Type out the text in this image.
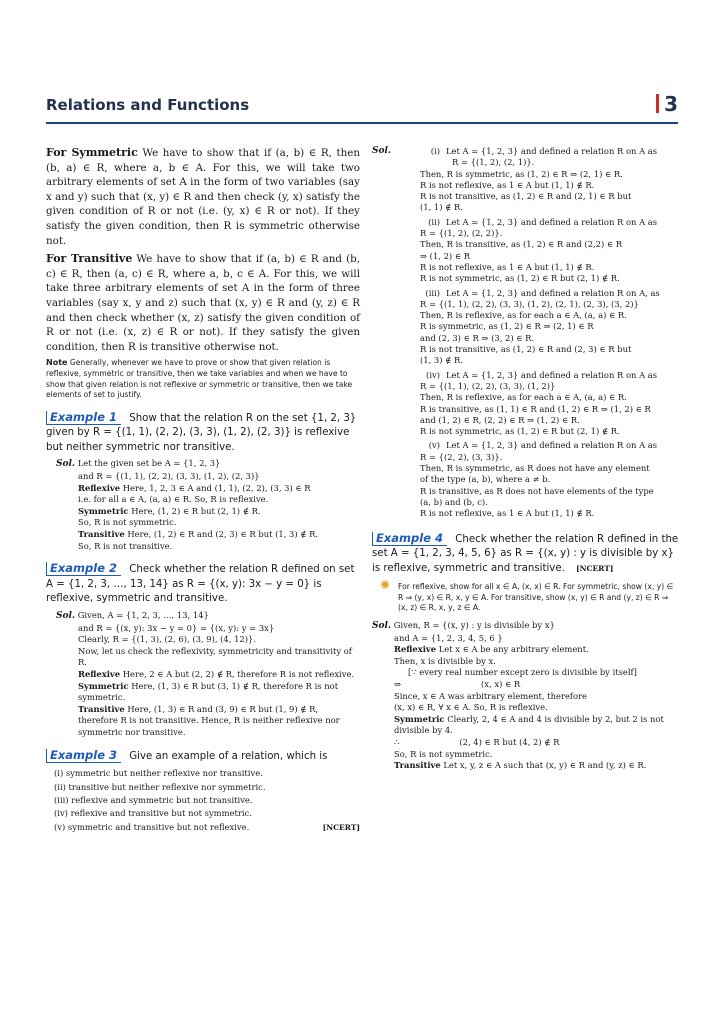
Relations and Functions	3

For Symmetric We have to show that if (a, b) ∈ R, then (b, a) ∈ R, where a, b ∈ A. For this, we will take two arbitrary elements of set A in the form of two variables (say x and y) such that (x, y) ∈ R and then check (y, x) satisfy the given condition of R or not (i.e. (y, x) ∈ R or not). If they satisfy the given condition, then R is symmetric otherwise not.

For Transitive We have to show that if (a, b) ∈ R and (b, c) ∈ R, then (a, c) ∈ R, where a, b, c ∈ A. For this, we will take three arbitrary elements of set A in the form of three variables (say x, y and z) such that (x, y) ∈ R and (y, z) ∈ R and then check whether (x, z) satisfy the given condition of R or not (i.e. (x, z) ∈ R or not). If they satisfy the given condition, then R is transitive otherwise not.

Note Generally, whenever we have to prove or show that given relation is reflexive, symmetric or transitive, then we take variables and when we have to show that given relation is not reflexive or symmetric or transitive, then we take elements of set to justify.

Example 1 Show that the relation R on the set {1, 2, 3} given by R = {(1, 1), (2, 2), (3, 3), (1, 2), (2, 3)} is reflexive but neither symmetric nor transitive.

Sol. Let the given set be A = {1, 2, 3}

and R = {(1, 1), (2, 2), (3, 3), (1, 2), (2, 3)}

Reflexive Here, 1, 2, 3 ∈ A and (1, 1), (2, 2), (3, 3) ∈ R

i.e. for all a ∈ A, (a, a) ∈ R. So, R is reflexive.

Symmetric Here, (1, 2) ∈ R but (2, 1) ∉ R.

So, R is not symmetric.

Transitive Here, (1, 2) ∈ R and (2, 3) ∈ R but (1, 3) ∉ R.

So, R is not transitive.

Example 2 Check whether the relation R defined on set A = {1, 2, 3, …, 13, 14} as R = {(x, y): 3x − y = 0} is reflexive, symmetric and transitive.

Sol. Given, A = {1, 2, 3, …, 13, 14}

and R = {(x, y): 3x − y = 0} = {(x, y): y = 3x}

Clearly, R = {(1, 3), (2, 6), (3, 9), (4, 12)}.

Now, let us check the reflexivity, symmetricity and transitivity of R.

Reflexive Here, 2 ∈ A but (2, 2) ∉ R, therefore R is not reflexive.

Symmetric Here, (1, 3) ∈ R but (3, 1) ∉ R, therefore R is not symmetric.

Transitive Here, (1, 3) ∈ R and (3, 9) ∈ R but (1, 9) ∉ R, therefore R is not transitive. Hence, R is neither reflexive nor symmetric nor transitive.

Example 3 Give an example of a relation, which is

(i) symmetric but neither reflexive nor transitive.

(ii) transitive but neither reflexive nor symmetric.

(iii) reflexive and symmetric but not transitive.

(iv) reflexive and transitive but not symmetric.

(v) symmetric and transitive but not reflexive.	[NCERT]

Sol.	(i) Let A = {1, 2, 3} and defined a relation R on A as

R = {(1, 2), (2, 1)}.

Then, R is symmetric, as (1, 2) ∈ R ⇒ (2, 1) ∈ R.

R is not reflexive, as 1 ∈ A but (1, 1) ∉ R.

R is not transitive, as (1, 2) ∈ R and (2, 1) ∈ R but

(1, 1) ∉ R.

(ii) Let A = {1, 2, 3} and defined a relation R on A as

R = {(1, 2), (2, 2)}.

Then, R is transitive, as (1, 2) ∈ R and (2,2) ∈ R

⇒ (1, 2) ∈ R

R is not reflexive, as 1 ∈ A but (1, 1) ∉ R.

R is not symmetric, as (1, 2) ∈ R but (2, 1) ∉ R.

(iii) Let A = {1, 2, 3} and defined a relation R on A, as

R = {(1, 1), (2, 2), (3, 3), (1, 2), (2, 1), (2, 3), (3, 2)}

Then, R is reflexive, as for each a ∈ A, (a, a) ∈ R.

R is symmetric, as (1, 2) ∈ R ⇒ (2, 1) ∈ R

and (2, 3) ∈ R ⇒ (3, 2) ∈ R.

R is not transitive, as (1, 2) ∈ R and (2, 3) ∈ R but

(1, 3) ∉ R.

(iv) Let A = {1, 2, 3} and defined a relation R on A as

R = {(1, 1), (2, 2), (3, 3), (1, 2)}

Then, R is reflexive, as for each a ∈ A, (a, a) ∈ R.

R is transitive, as (1, 1) ∈ R and (1, 2) ∈ R ⇒ (1, 2) ∈ R

and (1, 2) ∈ R, (2, 2) ∈ R ⇒ (1, 2) ∈ R.

R is not symmetric, as (1, 2) ∈ R but (2, 1) ∉ R.

(v) Let A = {1, 2, 3} and defined a relation R on A as

R = {(2, 2), (3, 3)}.

Then, R is symmetric, as R does not have any element

of the type (a, b), where a ≠ b.

R is transitive, as R does not have elements of the type

(a, b) and (b, c).

R is not reflexive, as 1 ∈ A but (1, 1) ∉ R.

Example 4 Check whether the relation R defined in the set A = {1, 2, 3, 4, 5, 6} as R = {(x, y) : y is divisible by x} is reflexive, symmetric and transitive. [NCERT]

✺ For reflexive, show for all x ∈ A, (x, x) ∈ R. For symmetric, show (x, y) ∈ R ⇒ (y, x) ∈ R, x, y ∈ A. For transitive, show (x, y) ∈ R and (y, z) ∈ R ⇒ (x, z) ∈ R, x, y, z ∈ A.

Sol. Given, R = {(x, y) : y is divisible by x}

and A = {1, 2, 3, 4, 5, 6 }

Reflexive Let x ∈ A be any arbitrary element.

Then, x is divisible by x.

[∵ every real number except zero is divisible by itself]

⇒	(x, x) ∈ R

Since, x ∈ A was arbitrary element, therefore

(x, x) ∈ R, ∀ x ∈ A. So, R is reflexive.

Symmetric Clearly, 2, 4 ∈ A and 4 is divisible by 2, but 2 is not divisible by 4.

∴	(2, 4) ∈ R but (4, 2) ∉ R

So, R is not symmetric.

Transitive Let x, y, z ∈ A such that (x, y) ∈ R and (y, z) ∈ R.
